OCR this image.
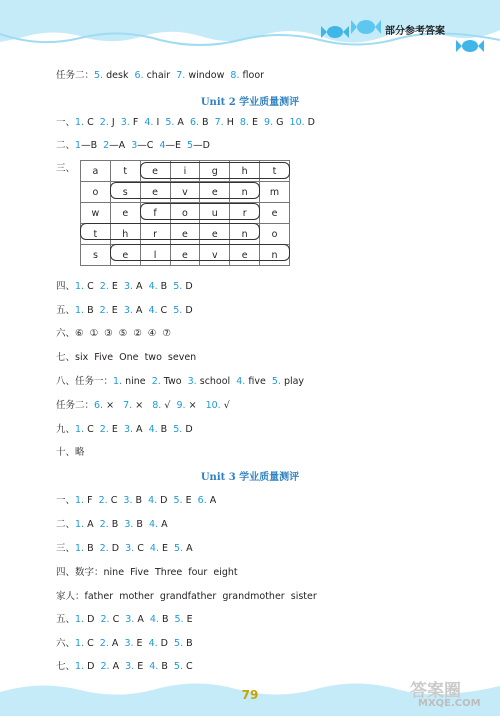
部分参考答案
任务二：5. desk  6. chair  7. window  8. floor
Unit 2 学业质量测评
一、1. C  2. J  3. F  4. I  5. A  6. B  7. H  8. E  9. G  10. D
二、1—B  2—A  3—C  4—E  5—D
三、 a	t	e	i	g	h	t
o	s	e	v	e	n	m
w	e	f	o	u	r	e
t	h	r	e	e	n	o
s	e	l	e	v	e	n
四、1. C  2. E  3. A  4. B  5. D
五、1. B  2. E  3. A  4. C  5. D
六、⑥  ①  ③  ⑤  ②  ④  ⑦
七、six  Five  One  two  seven
八、任务一：1. nine  2. Two  3. school  4. five  5. play
任务二：6. ×   7. ×   8. √  9. ×   10. √
九、1. C  2. E  3. A  4. B  5. D
十、略
Unit 3 学业质量测评
一、1. F  2. C  3. B  4. D  5. E  6. A
二、1. A  2. B  3. B  4. A
三、1. B  2. D  3. C  4. E  5. A
四、数字：nine  Five  Three  four  eight
家人：father  mother  grandfather  grandmother  sister
五、1. D  2. C  3. A  4. B  5. E
六、1. C  2. A  3. E  4. D  5. B
七、1. D  2. A  3. E  4. B  5. C
79	答案圈
MXQE.COM
